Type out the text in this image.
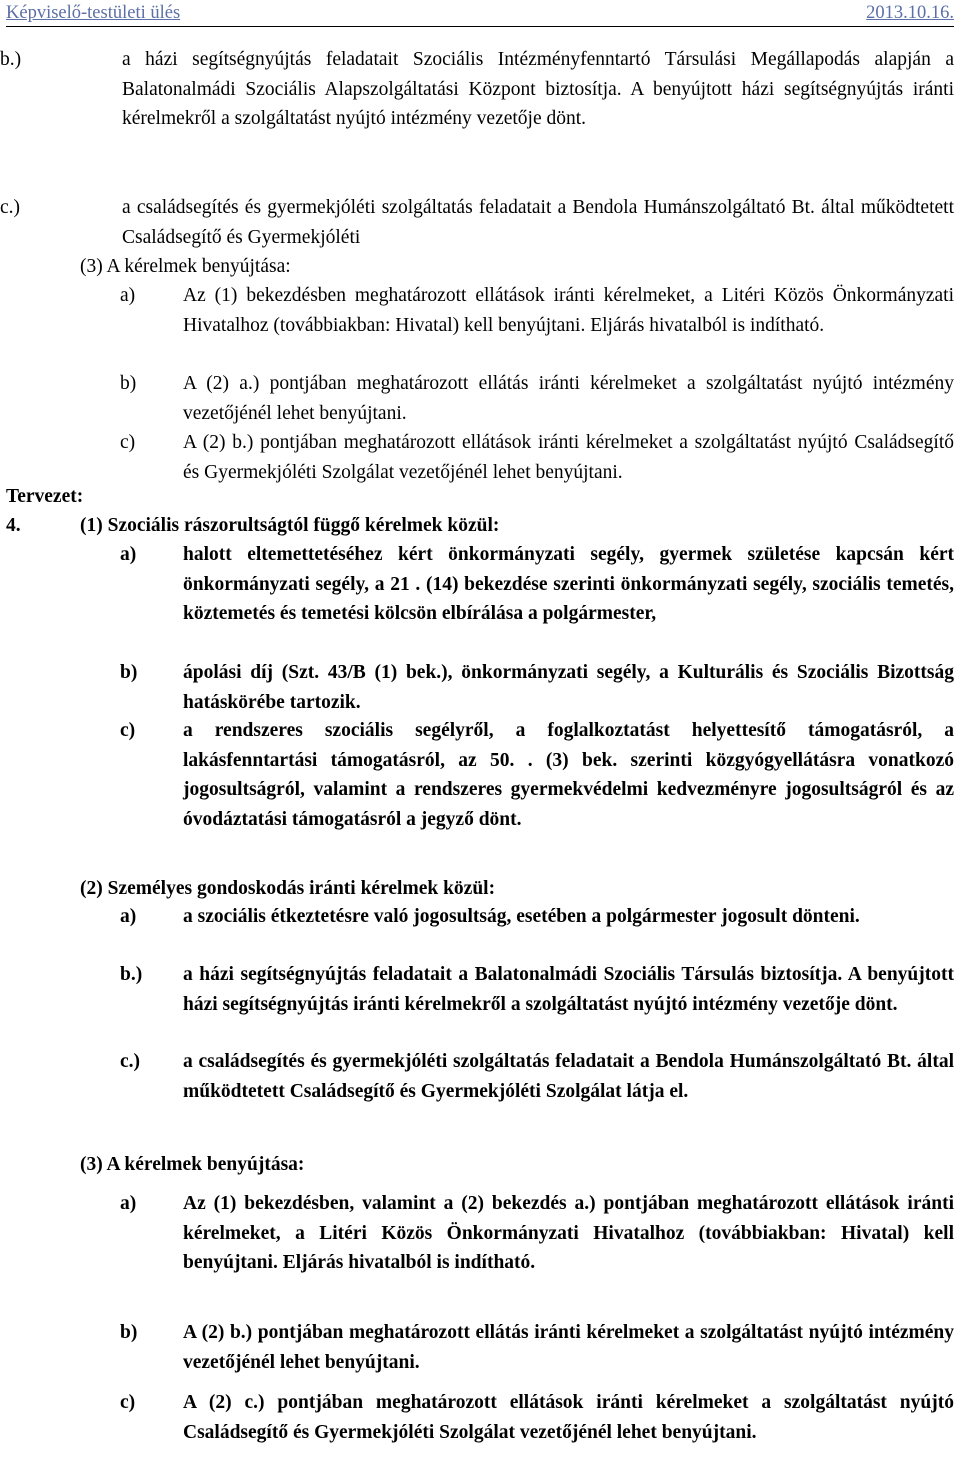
Képviselő-testületi ülés	2013.10.16.
b.)	a házi segítségnyújtás feladatait Szociális Intézményfenntartó Társulási Megállapodás alapján a Balatonalmádi Szociális Alapszolgáltatási Központ biztosítja. A benyújtott házi segítségnyújtás iránti kérelmekről a szolgáltatást nyújtó intézmény vezetője dönt.
c.)	a családsegítés és gyermekjóléti szolgáltatás feladatait a Bendola Humánszolgáltató Bt. által működtetett Családsegítő és Gyermekjóléti
(3) A kérelmek benyújtása:
a) Az (1) bekezdésben meghatározott ellátások iránti kérelmeket, a Litéri Közös Önkormányzati Hivatalhoz (továbbiakban: Hivatal) kell benyújtani. Eljárás hivatalból is indítható.
b) A (2) a.) pontjában meghatározott ellátás iránti kérelmeket a szolgáltatást nyújtó intézmény vezetőjénél lehet benyújtani.
c) A (2) b.) pontjában meghatározott ellátások iránti kérelmeket a szolgáltatást nyújtó Családsegítő és Gyermekjóléti Szolgálat vezetőjénél lehet benyújtani.
Tervezet:
4.	(1) Szociális rászorultságtól függő kérelmek közül:
a) halott eltemettetéséhez kért önkormányzati segély, gyermek születése kapcsán kért önkormányzati segély, a 21 . (14) bekezdése szerinti önkormányzati segély, szociális temetés, köztemetés és temetési kölcsön elbírálása a polgármester,
b) ápolási díj (Szt. 43/B (1) bek.), önkormányzati segély, a Kulturális és Szociális Bizottság hatáskörébe tartozik.
c) a rendszeres szociális segélyről, a foglalkoztatást helyettesítő támogatásról, a lakásfenntartási támogatásról, az 50. . (3) bek. szerinti közgyógyellátásra vonatkozó jogosultságról, valamint a rendszeres gyermekvédelmi kedvezményre jogosultságról és az óvodáztatási támogatásról a jegyző dönt.
(2) Személyes gondoskodás iránti kérelmek közül:
a) a szociális étkeztetésre való jogosultság, esetében a polgármester jogosult dönteni.
b.) a házi segítségnyújtás feladatait a Balatonalmádi Szociális Társulás biztosítja. A benyújtott házi segítségnyújtás iránti kérelmekről a szolgáltatást nyújtó intézmény vezetője dönt.
c.) a családsegítés és gyermekjóléti szolgáltatás feladatait a Bendola Humánszolgáltató Bt. által működtetett Családsegítő és Gyermekjóléti Szolgálat látja el.
(3) A kérelmek benyújtása:
a) Az (1) bekezdésben, valamint a (2) bekezdés a.) pontjában meghatározott ellátások iránti kérelmeket, a Litéri Közös Önkormányzati Hivatalhoz (továbbiakban: Hivatal) kell benyújtani. Eljárás hivatalból is indítható.
b) A (2) b.) pontjában meghatározott ellátás iránti kérelmeket a szolgáltatást nyújtó intézmény vezetőjénél lehet benyújtani.
c) A (2) c.) pontjában meghatározott ellátások iránti kérelmeket a szolgáltatást nyújtó Családsegítő és Gyermekjóléti Szolgálat vezetőjénél lehet benyújtani.
